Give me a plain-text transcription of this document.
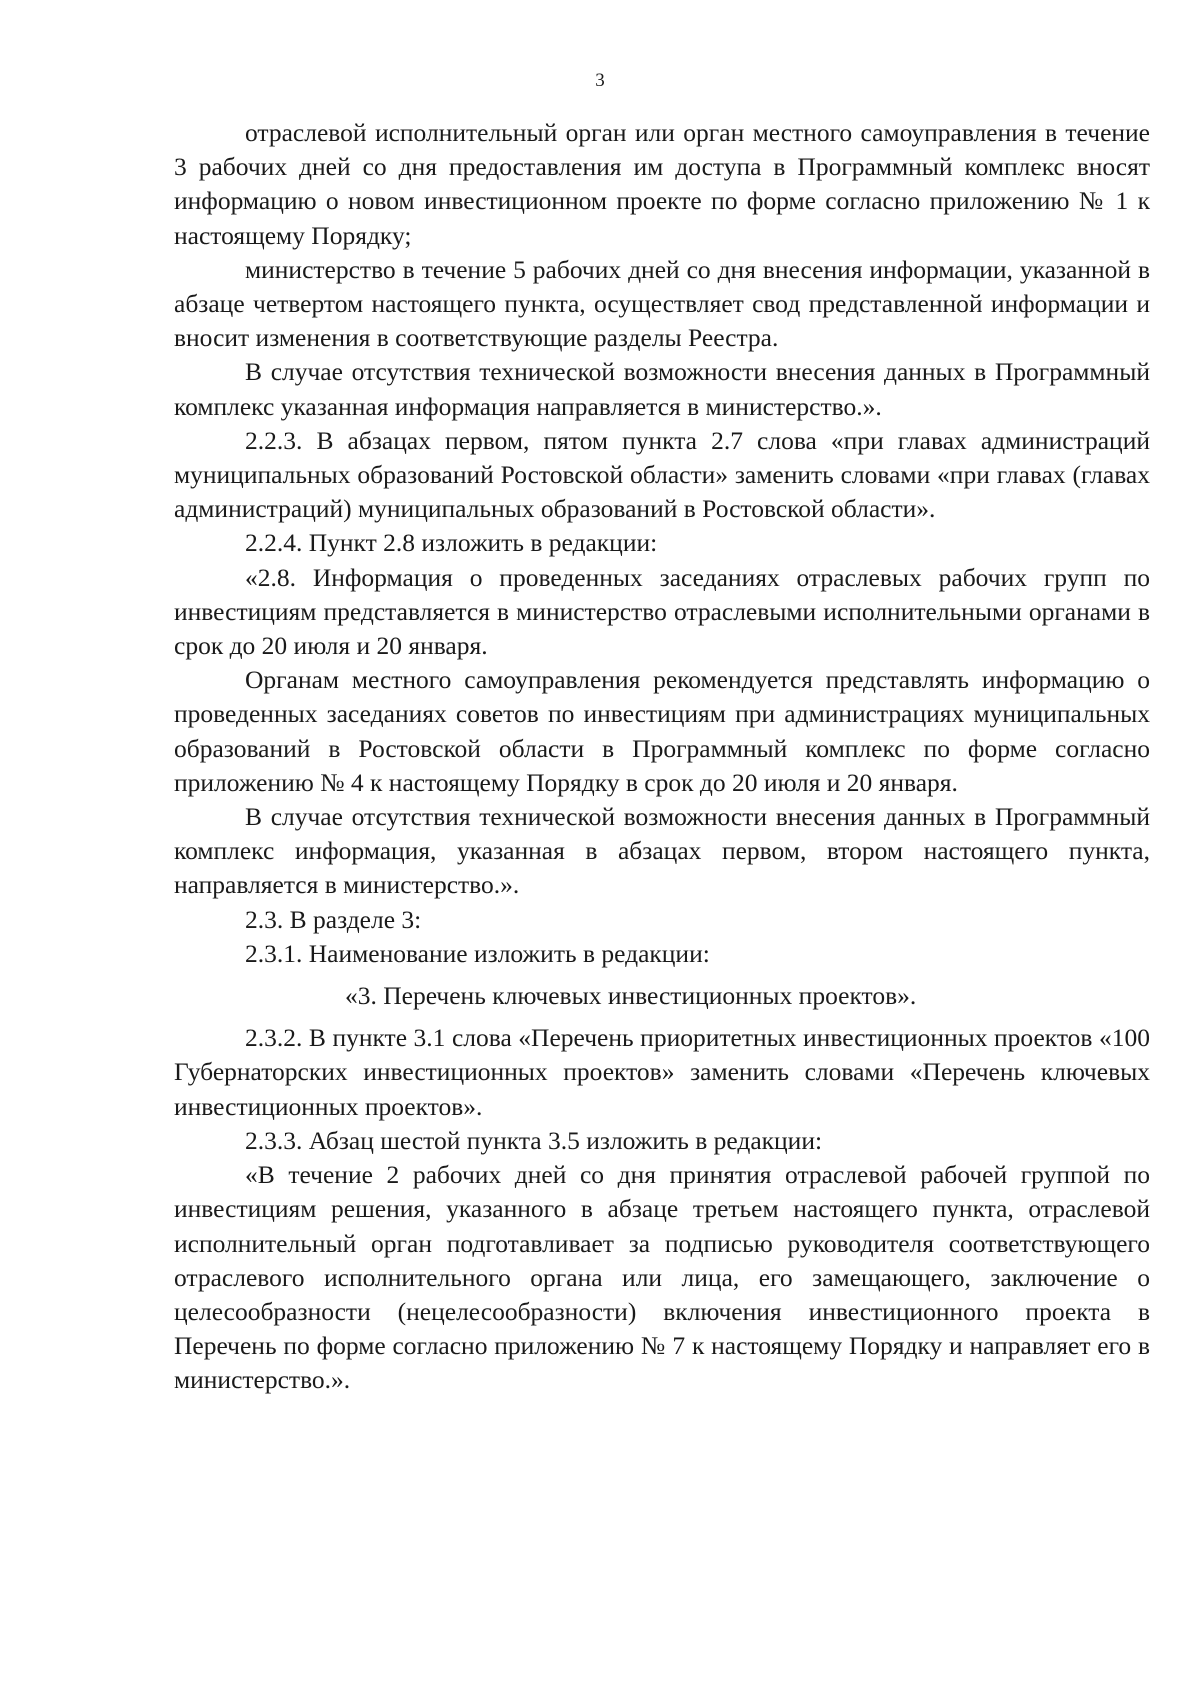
3

отраслевой исполнительный орган или орган местного самоуправления в течение 3 рабочих дней со дня предоставления им доступа в Программный комплекс вносят информацию о новом инвестиционном проекте по форме согласно приложению № 1 к настоящему Порядку;

министерство в течение 5 рабочих дней со дня внесения информации, указанной в абзаце четвертом настоящего пункта, осуществляет свод представленной информации и вносит изменения в соответствующие разделы Реестра.

В случае отсутствия технической возможности внесения данных в Программный комплекс указанная информация направляется в министерство.».

2.2.3. В абзацах первом, пятом пункта 2.7 слова «при главах администраций муниципальных образований Ростовской области» заменить словами «при главах (главах администраций) муниципальных образований в Ростовской области».

2.2.4. Пункт 2.8 изложить в редакции:

«2.8. Информация о проведенных заседаниях отраслевых рабочих групп по инвестициям представляется в министерство отраслевыми исполнительными органами в срок до 20 июля и 20 января.

Органам местного самоуправления рекомендуется представлять информацию о проведенных заседаниях советов по инвестициям при администрациях муниципальных образований в Ростовской области в Программный комплекс по форме согласно приложению № 4 к настоящему Порядку в срок до 20 июля и 20 января.

В случае отсутствия технической возможности внесения данных в Программный комплекс информация, указанная в абзацах первом, втором настоящего пункта, направляется в министерство.».

2.3. В разделе 3:

2.3.1. Наименование изложить в редакции:

«3. Перечень ключевых инвестиционных проектов».

2.3.2. В пункте 3.1 слова «Перечень приоритетных инвестиционных проектов «100 Губернаторских инвестиционных проектов» заменить словами «Перечень ключевых инвестиционных проектов».

2.3.3. Абзац шестой пункта 3.5 изложить в редакции:

«В течение 2 рабочих дней со дня принятия отраслевой рабочей группой по инвестициям решения, указанного в абзаце третьем настоящего пункта, отраслевой исполнительный орган подготавливает за подписью руководителя соответствующего отраслевого исполнительного органа или лица, его замещающего, заключение о целесообразности (нецелесообразности) включения инвестиционного проекта в Перечень по форме согласно приложению № 7 к настоящему Порядку и направляет его в министерство.».
